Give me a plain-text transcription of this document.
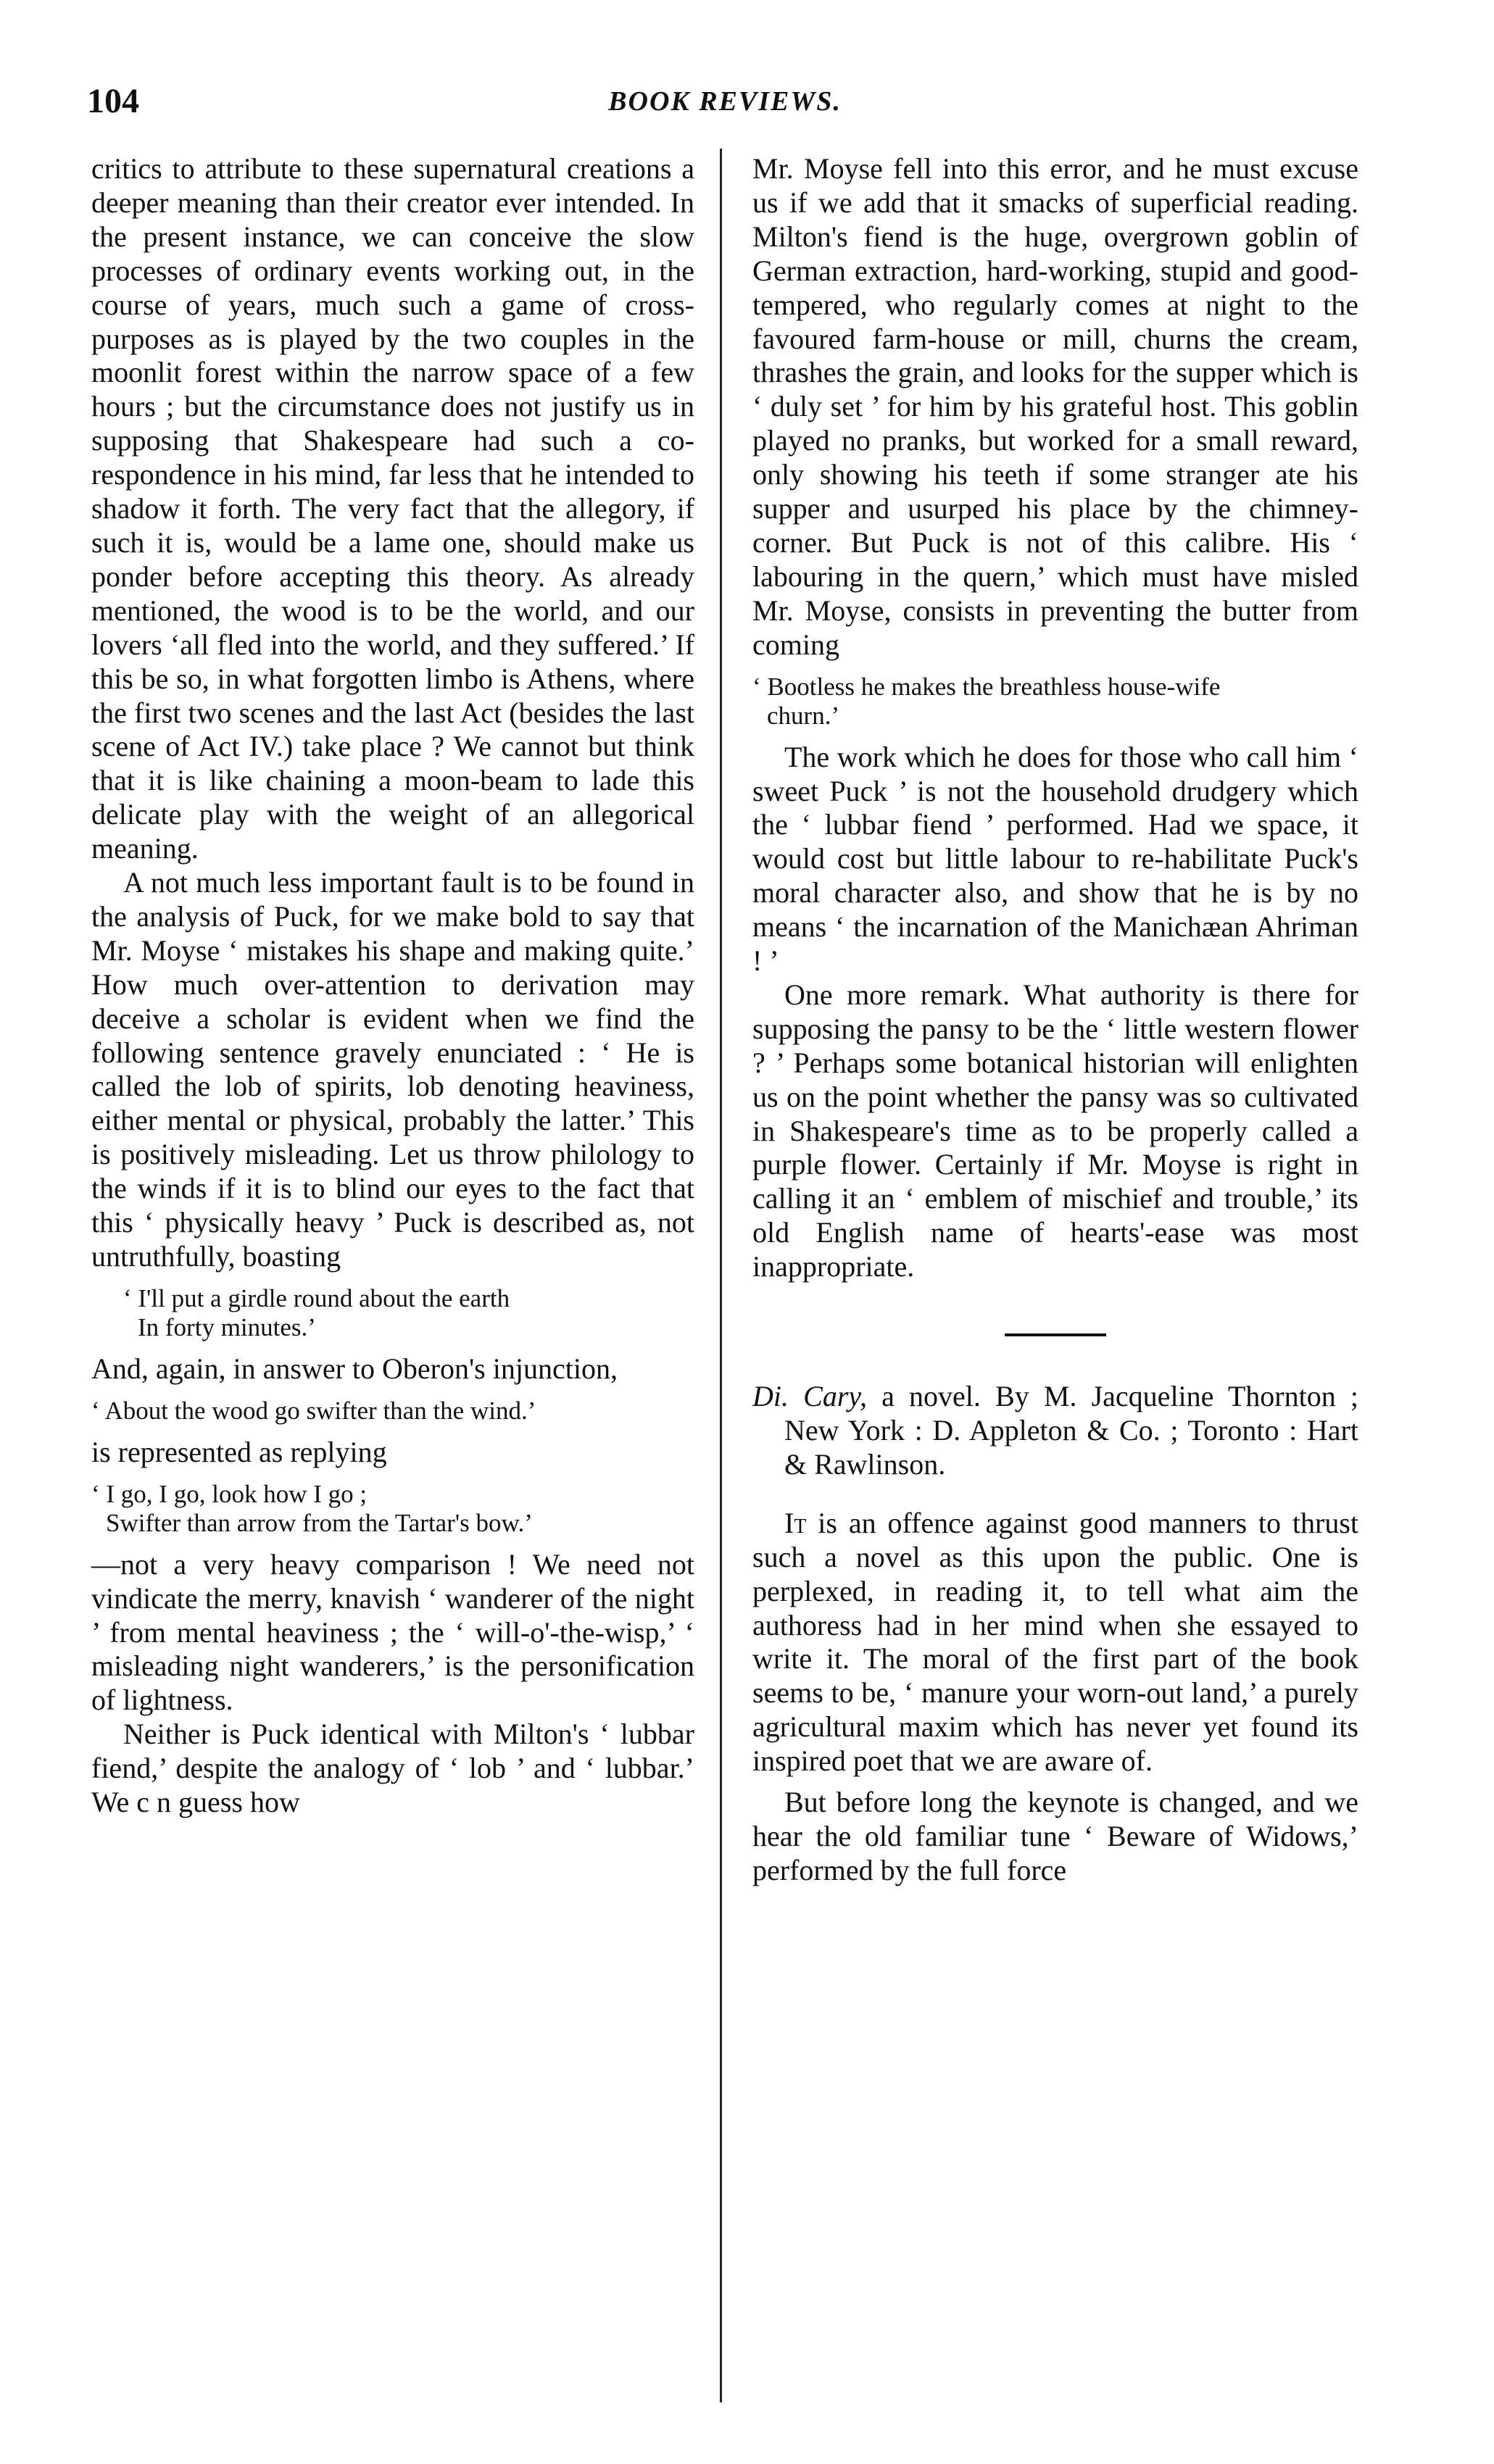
104	BOOK REVIEWS.

critics to attribute to these supernatural creations a deeper meaning than their creator ever intended. In the present instance, we can conceive the slow processes of ordinary events working out, in the course of years, much such a game of cross-purposes as is played by the two couples in the moonlit forest within the narrow space of a few hours ; but the circumstance does not justify us in supposing that Shakespeare had such a co-respondence in his mind, far less that he intended to shadow it forth. The very fact that the allegory, if such it is, would be a lame one, should make us ponder before accepting this theory. As already mentioned, the wood is to be the world, and our lovers ‘all fled into the world, and they suffered.’ If this be so, in what forgotten limbo is Athens, where the first two scenes and the last Act (besides the last scene of Act IV.) take place ? We cannot but think that it is like chaining a moon-beam to lade this delicate play with the weight of an allegorical meaning.

A not much less important fault is to be found in the analysis of Puck, for we make bold to say that Mr. Moyse ‘ mistakes his shape and making quite.’ How much over-attention to derivation may deceive a scholar is evident when we find the following sentence gravely enunciated : ‘ He is called the lob of spirits, lob denoting heaviness, either mental or physical, probably the latter.’ This is positively misleading. Let us throw philology to the winds if it is to blind our eyes to the fact that this ‘ physically heavy ’ Puck is described as, not untruthfully, boasting

‘ I'll put a girdle round about the earth
In forty minutes.’

And, again, in answer to Oberon's injunction,

‘ About the wood go swifter than the wind.’

is represented as replying

‘ I go, I go, look how I go ;
Swifter than arrow from the Tartar's bow.’

—not a very heavy comparison ! We need not vindicate the merry, knavish ‘ wanderer of the night ’ from mental heaviness ; the ‘ will-o'-the-wisp,’ ‘ misleading night wanderers,’ is the personification of lightness.

Neither is Puck identical with Milton's ‘ lubbar fiend,’ despite the analogy of ‘ lob ’ and ‘ lubbar.’ We c n guess how

Mr. Moyse fell into this error, and he must excuse us if we add that it smacks of superficial reading. Milton's fiend is the huge, overgrown goblin of German extraction, hard-working, stupid and good-tempered, who regularly comes at night to the favoured farm-house or mill, churns the cream, thrashes the grain, and looks for the supper which is ‘ duly set ’ for him by his grateful host. This goblin played no pranks, but worked for a small reward, only showing his teeth if some stranger ate his supper and usurped his place by the chimney-corner. But Puck is not of this calibre. His ‘ labouring in the quern,’ which must have misled Mr. Moyse, consists in preventing the butter from coming

‘ Bootless he makes the breathless house-wife
churn.’

The work which he does for those who call him ‘ sweet Puck ’ is not the household drudgery which the ‘ lubbar fiend ’ performed. Had we space, it would cost but little labour to re-habilitate Puck's moral character also, and show that he is by no means ‘ the incarnation of the Manichæan Ahriman ! ’

One more remark. What authority is there for supposing the pansy to be the ‘ little western flower ? ’ Perhaps some botanical historian will enlighten us on the point whether the pansy was so cultivated in Shakespeare's time as to be properly called a purple flower. Certainly if Mr. Moyse is right in calling it an ‘ emblem of mischief and trouble,’ its old English name of hearts'-ease was most inappropriate.

Di. Cary, a novel. By M. Jacqueline Thornton ; New York : D. Appleton & Co. ; Toronto : Hart & Rawlinson.

It is an offence against good manners to thrust such a novel as this upon the public. One is perplexed, in reading it, to tell what aim the authoress had in her mind when she essayed to write it. The moral of the first part of the book seems to be, ‘ manure your worn-out land,’ a purely agricultural maxim which has never yet found its inspired poet that we are aware of.

But before long the keynote is changed, and we hear the old familiar tune ‘ Beware of Widows,’ performed by the full force
